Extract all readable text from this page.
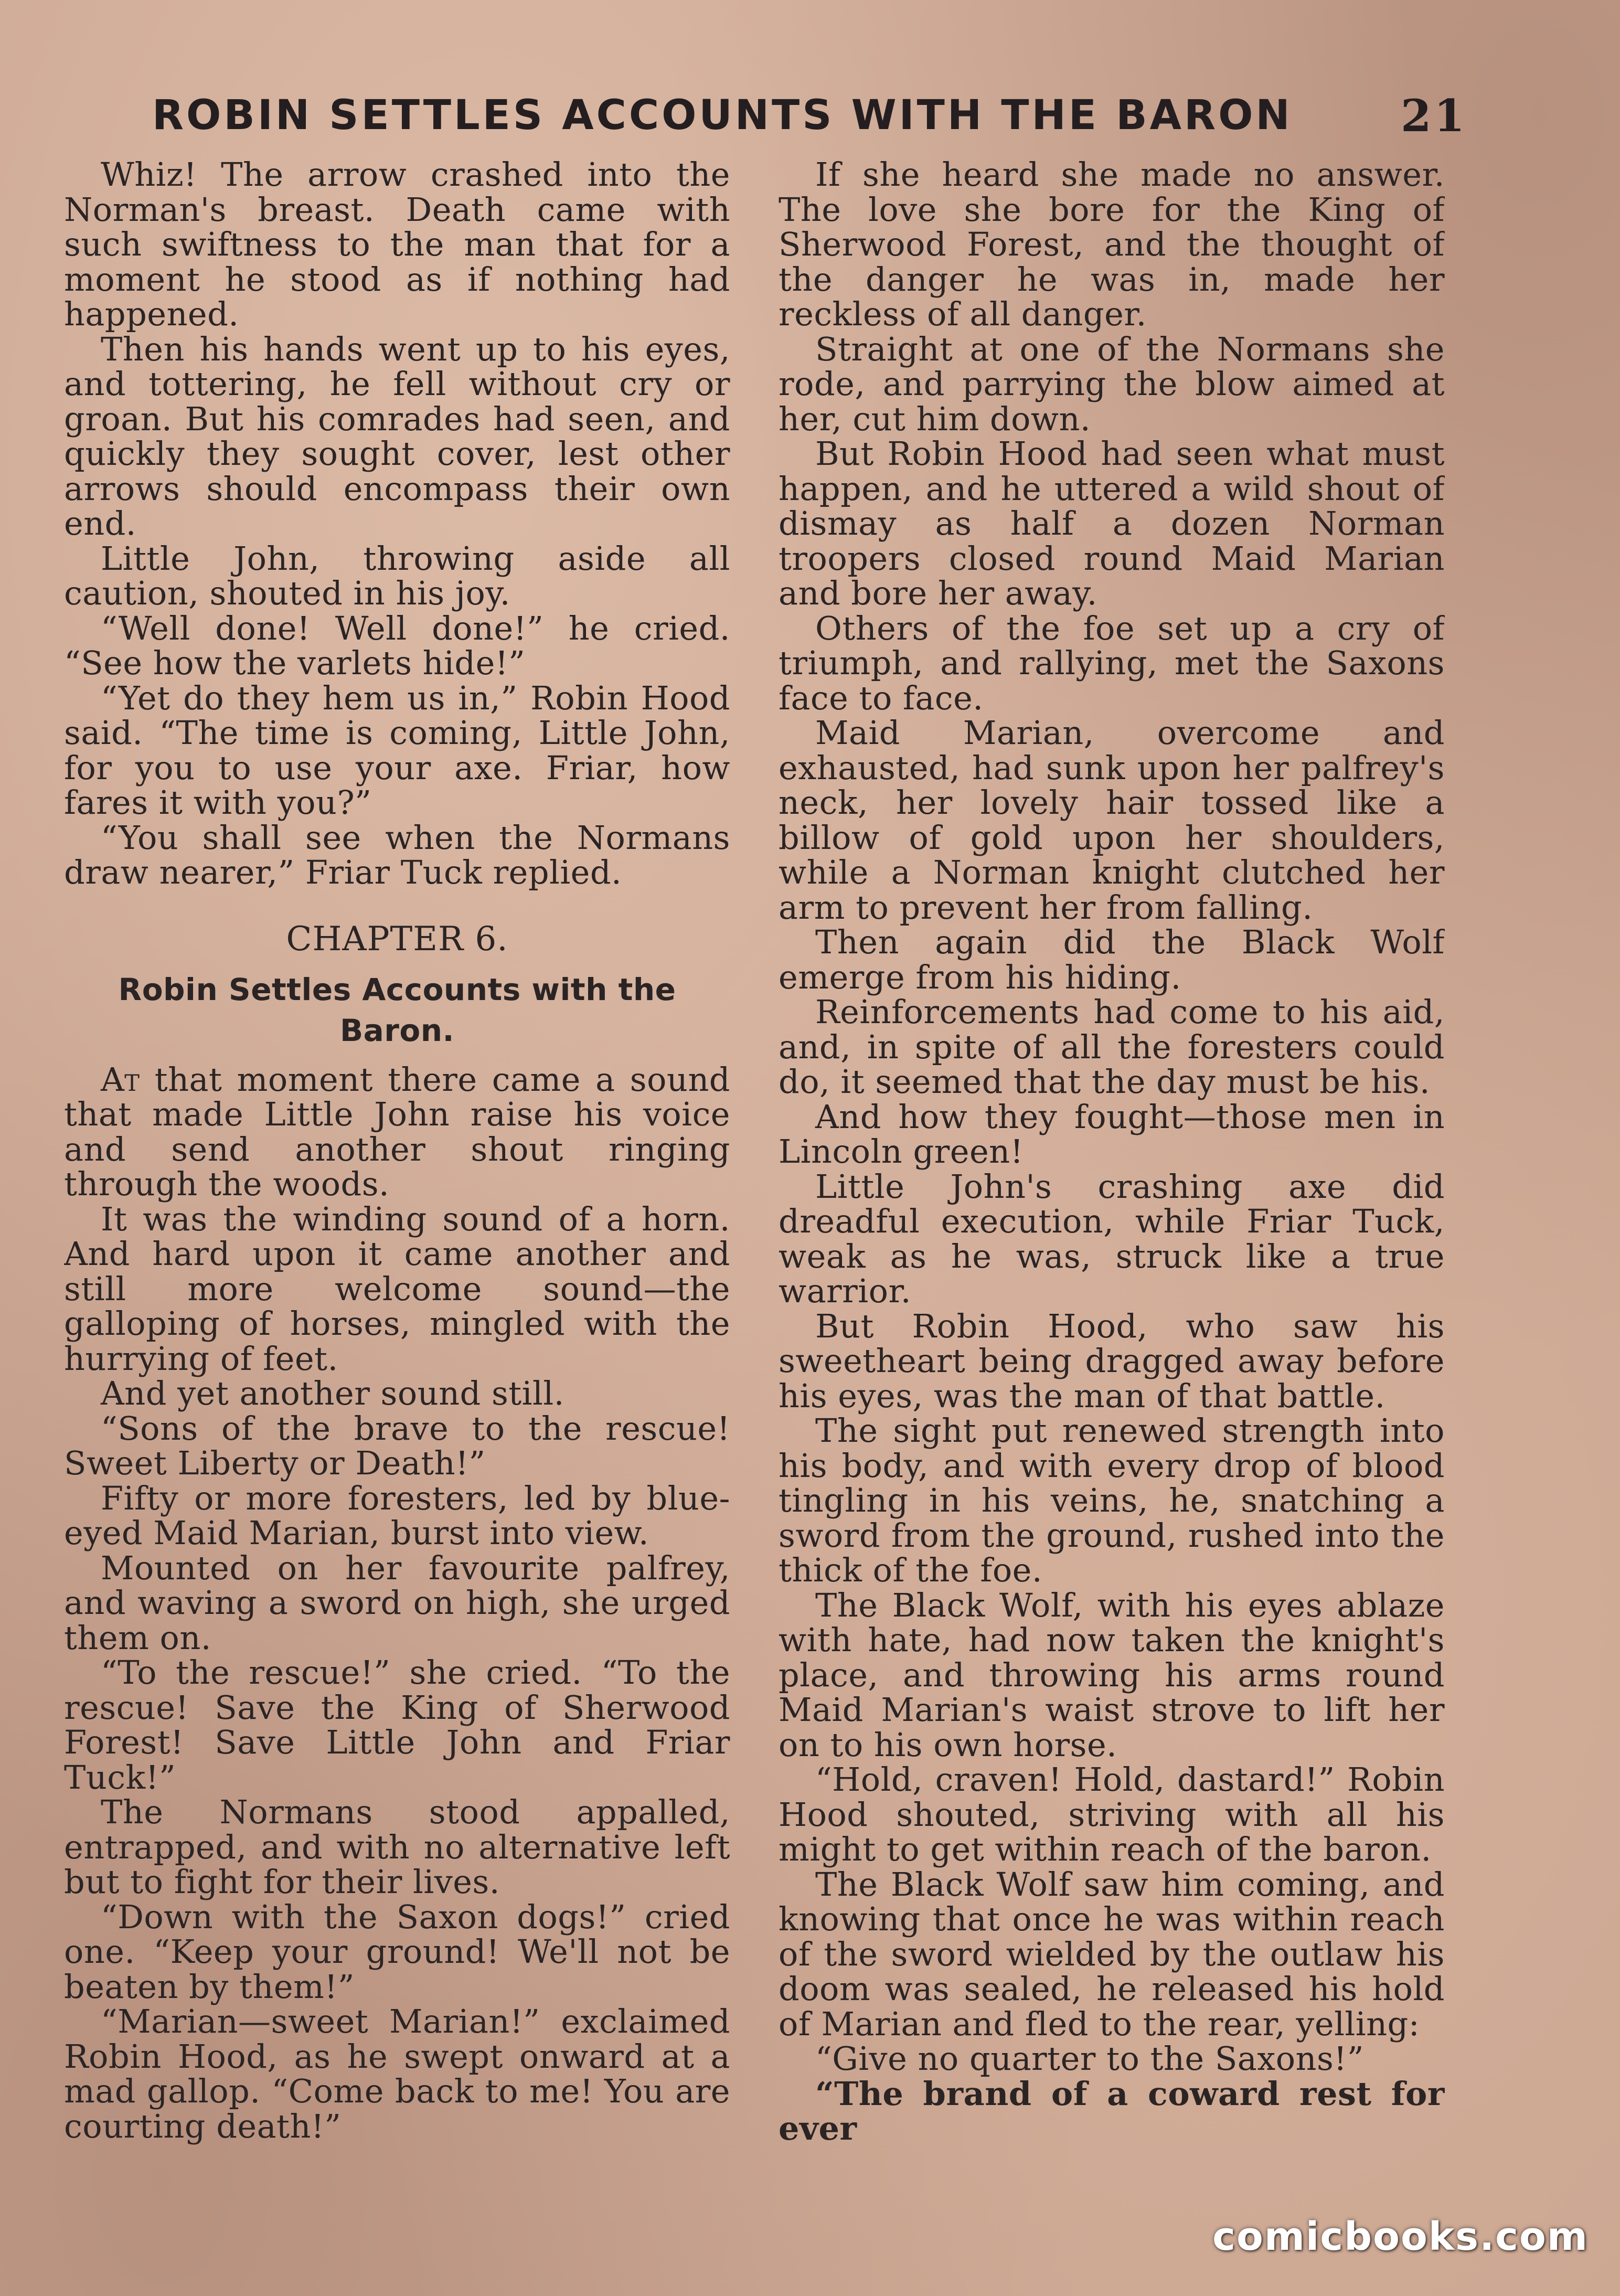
ROBIN SETTLES ACCOUNTS WITH THE BARON	21

Whiz! The arrow crashed into the Norman's breast. Death came with such swiftness to the man that for a moment he stood as if nothing had happened.

Then his hands went up to his eyes, and tottering, he fell without cry or groan. But his comrades had seen, and quickly they sought cover, lest other arrows should encompass their own end.

Little John, throwing aside all caution, shouted in his joy.

“Well done! Well done!” he cried. “See how the varlets hide!”

“Yet do they hem us in,” Robin Hood said. “The time is coming, Little John, for you to use your axe. Friar, how fares it with you?”

“You shall see when the Normans draw nearer,” Friar Tuck replied.

CHAPTER 6.
Robin Settles Accounts with the Baron.

At that moment there came a sound that made Little John raise his voice and send another shout ringing through the woods.

It was the winding sound of a horn. And hard upon it came another and still more welcome sound—the galloping of horses, mingled with the hurrying of feet.

And yet another sound still.

“Sons of the brave to the rescue! Sweet Liberty or Death!”

Fifty or more foresters, led by blue-eyed Maid Marian, burst into view.

Mounted on her favourite palfrey, and waving a sword on high, she urged them on.

“To the rescue!” she cried. “To the rescue! Save the King of Sherwood Forest! Save Little John and Friar Tuck!”

The Normans stood appalled, entrapped, and with no alternative left but to fight for their lives.

“Down with the Saxon dogs!” cried one. “Keep your ground! We'll not be beaten by them!”

“Marian—sweet Marian!” exclaimed Robin Hood, as he swept onward at a mad gallop. “Come back to me! You are courting death!”

If she heard she made no answer. The love she bore for the King of Sherwood Forest, and the thought of the danger he was in, made her reckless of all danger.

Straight at one of the Normans she rode, and parrying the blow aimed at her, cut him down.

But Robin Hood had seen what must happen, and he uttered a wild shout of dismay as half a dozen Norman troopers closed round Maid Marian and bore her away.

Others of the foe set up a cry of triumph, and rallying, met the Saxons face to face.

Maid Marian, overcome and exhausted, had sunk upon her palfrey's neck, her lovely hair tossed like a billow of gold upon her shoulders, while a Norman knight clutched her arm to prevent her from falling.

Then again did the Black Wolf emerge from his hiding.

Reinforcements had come to his aid, and, in spite of all the foresters could do, it seemed that the day must be his.

And how they fought—those men in Lincoln green!

Little John's crashing axe did dreadful execution, while Friar Tuck, weak as he was, struck like a true warrior.

But Robin Hood, who saw his sweetheart being dragged away before his eyes, was the man of that battle.

The sight put renewed strength into his body, and with every drop of blood tingling in his veins, he, snatching a sword from the ground, rushed into the thick of the foe.

The Black Wolf, with his eyes ablaze with hate, had now taken the knight's place, and throwing his arms round Maid Marian's waist strove to lift her on to his own horse.

“Hold, craven! Hold, dastard!” Robin Hood shouted, striving with all his might to get within reach of the baron.

The Black Wolf saw him coming, and knowing that once he was within reach of the sword wielded by the outlaw his doom was sealed, he released his hold of Marian and fled to the rear, yelling:

“Give no quarter to the Saxons!”

“The brand of a coward rest for ever

comicbooks.com
